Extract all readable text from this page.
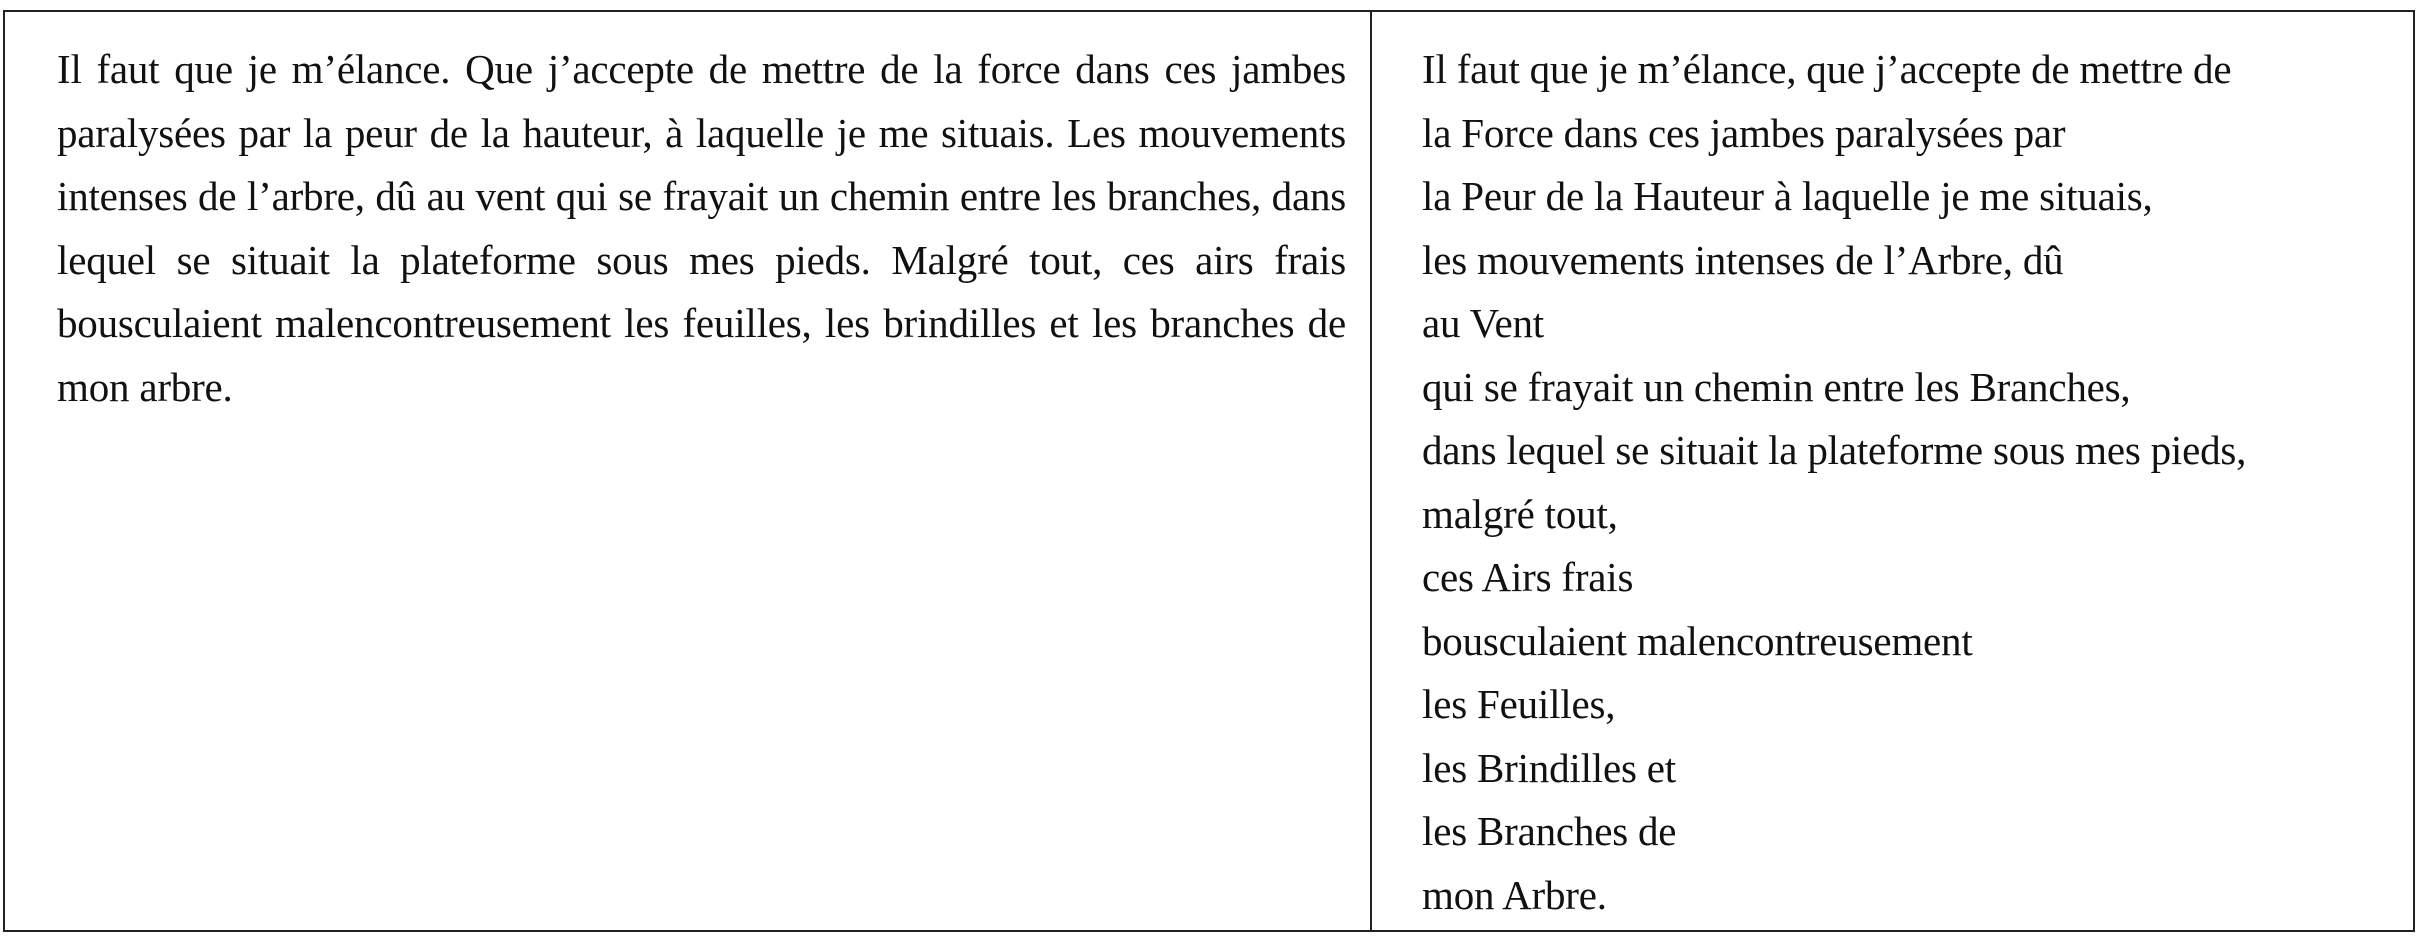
Il faut que je m’élance. Que j’accepte de mettre de la force dans ces jambes paralysées par la peur de la hauteur, à laquelle je me situais. Les mouvements intenses de l’arbre, dû au vent qui se frayait un chemin entre les branches, dans lequel se situait la plateforme sous mes pieds. Malgré tout, ces airs frais bousculaient malencontreusement les feuilles, les brindilles et les branches de mon arbre.

Il faut que je m’élance, que j’accepte de mettre de
la Force dans ces jambes paralysées par
la Peur de la Hauteur à laquelle je me situais,
les mouvements intenses de l’Arbre, dû
au Vent
qui se frayait un chemin entre les Branches,
dans lequel se situait la plateforme sous mes pieds,
malgré tout,
ces Airs frais
bousculaient malencontreusement
les Feuilles,
les Brindilles et
les Branches de
mon Arbre.
